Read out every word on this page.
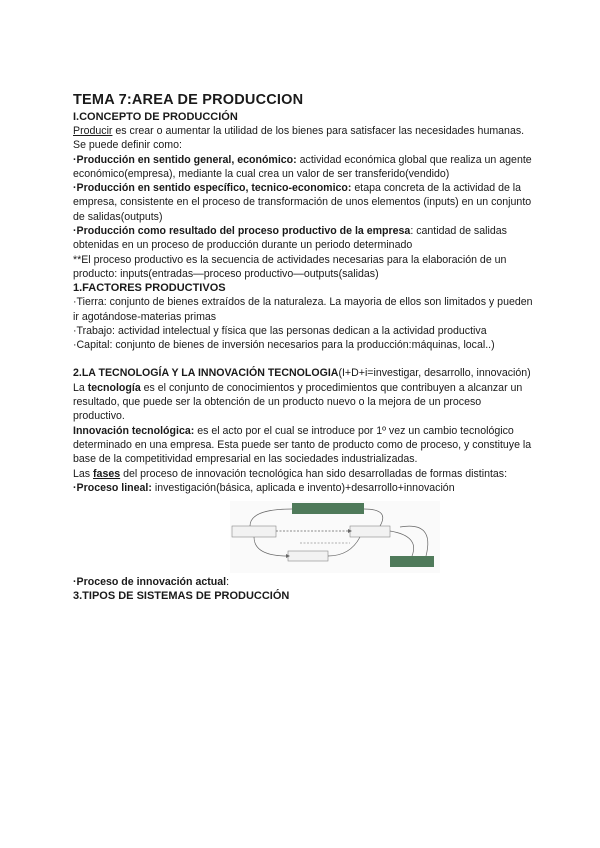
TEMA 7:AREA DE PRODUCCION
I.CONCEPTO DE PRODUCCIÓN

Producir es crear o aumentar la utilidad de los bienes para satisfacer las necesidades humanas.

Se puede definir como:

·Producción en sentido general, económico: actividad económica global que realiza un agente económico(empresa), mediante la cual crea un valor de ser transferido(vendido)

·Producción en sentido específico, tecnico-economico: etapa concreta de la actividad de la empresa, consistente en el proceso de transformación de unos elementos (inputs) en un conjunto de salidas(outputs)

·Producción como resultado del proceso productivo de la empresa: cantidad de salidas obtenidas en un proceso de producción durante un periodo determinado

**El proceso productivo es la secuencia de actividades necesarias para la elaboración de un producto: inputs(entradas—proceso productivo—outputs(salidas)

1.FACTORES PRODUCTIVOS

·Tierra: conjunto de bienes extraídos de la naturaleza. La mayoria de ellos son limitados y pueden ir agotándose-materias primas

·Trabajo: actividad intelectual y física que las personas dedican a la actividad productiva

·Capital: conjunto de bienes de inversión necesarios para la producción:máquinas, local..)

2.LA TECNOLOGÍA Y LA INNOVACIÓN TECNOLOGIA(I+D+i=investigar, desarrollo, innovación)

La tecnología es el conjunto de conocimientos y procedimientos que contribuyen a alcanzar un resultado, que puede ser la obtención de un producto nuevo o la mejora de un proceso productivo.

Innovación tecnológica: es el acto por el cual se introduce por 1º vez un cambio tecnológico determinado en una empresa. Esta puede ser tanto de producto como de proceso, y constituye la base de la competitividad empresarial en las sociedades industrializadas.

Las fases del proceso de innovación tecnológica han sido desarrolladas de formas distintas:

·Proceso lineal: investigación(básica, aplicada e invento)+desarrollo+innovación

·Proceso de innovación actual:

3.TIPOS DE SISTEMAS DE PRODUCCIÓN
